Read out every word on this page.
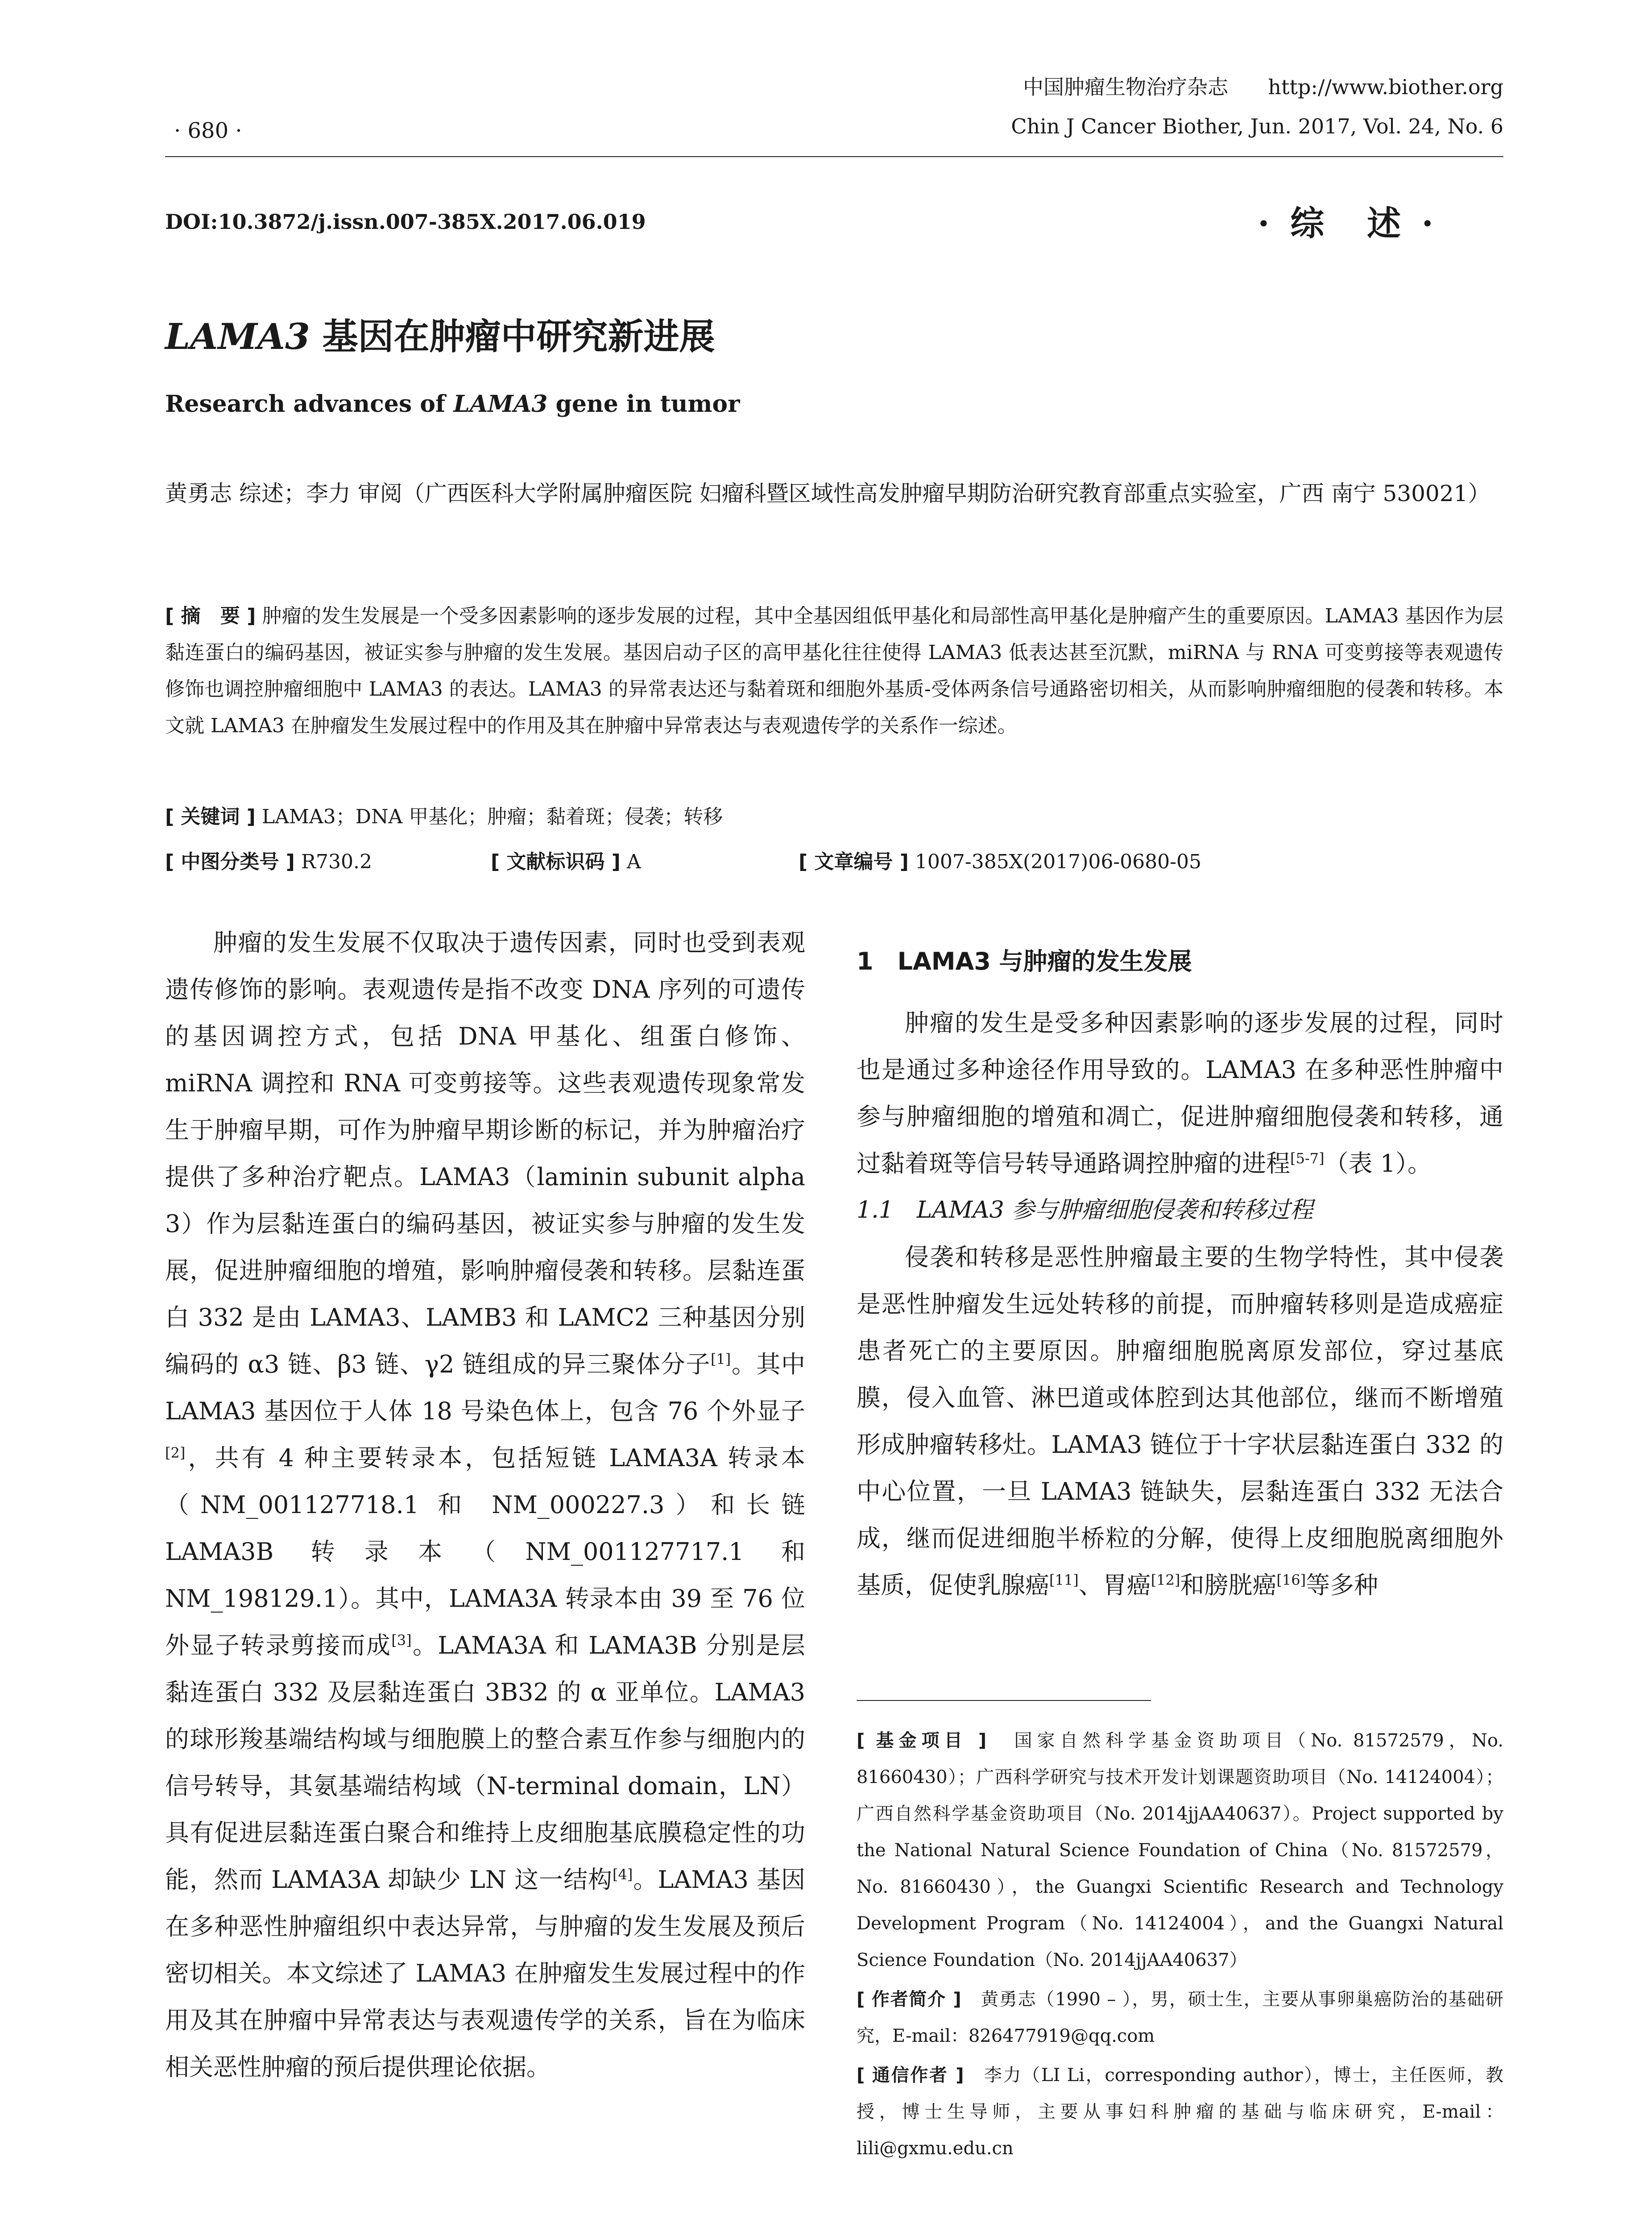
中国肿瘤生物治疗杂志 http://www.biother.org
Chin J Cancer Biother, Jun. 2017, Vol. 24, No. 6
· 680 ·
DOI:10.3872/j.issn.007-385X.2017.06.019	· 综　述 ·
LAMA3 基因在肿瘤中研究新进展
Research advances of LAMA3 gene in tumor
黄勇志 综述；李力 审阅（广西医科大学附属肿瘤医院 妇瘤科暨区域性高发肿瘤早期防治研究教育部重点实验室，广西 南宁 530021）
[ 摘　要 ] 肿瘤的发生发展是一个受多因素影响的逐步发展的过程，其中全基因组低甲基化和局部性高甲基化是肿瘤产生的重要原因。LAMA3 基因作为层黏连蛋白的编码基因，被证实参与肿瘤的发生发展。基因启动子区的高甲基化往往使得 LAMA3 低表达甚至沉默，miRNA 与 RNA 可变剪接等表观遗传修饰也调控肿瘤细胞中 LAMA3 的表达。LAMA3 的异常表达还与黏着斑和细胞外基质-受体两条信号通路密切相关，从而影响肿瘤细胞的侵袭和转移。本文就 LAMA3 在肿瘤发生发展过程中的作用及其在肿瘤中异常表达与表观遗传学的关系作一综述。
[ 关键词 ] LAMA3；DNA 甲基化；肿瘤；黏着斑；侵袭；转移
[ 中图分类号 ] R730.2	[ 文献标识码 ] A	[ 文章编号 ] 1007-385X(2017)06-0680-05

肿瘤的发生发展不仅取决于遗传因素，同时也受到表观遗传修饰的影响。表观遗传是指不改变 DNA 序列的可遗传的基因调控方式，包括 DNA 甲基化、组蛋白修饰、miRNA 调控和 RNA 可变剪接等。这些表观遗传现象常发生于肿瘤早期，可作为肿瘤早期诊断的标记，并为肿瘤治疗提供了多种治疗靶点。LAMA3（laminin subunit alpha 3）作为层黏连蛋白的编码基因，被证实参与肿瘤的发生发展，促进肿瘤细胞的增殖，影响肿瘤侵袭和转移。层黏连蛋白 332 是由 LAMA3、LAMB3 和 LAMC2 三种基因分别编码的 α3 链、β3 链、γ2 链组成的异三聚体分子[1]。其中 LAMA3 基因位于人体 18 号染色体上，包含 76 个外显子[2]，共有 4 种主要转录本，包括短链 LAMA3A 转录本（NM_001127718.1 和 NM_000227.3）和长链 LAMA3B 转录本（NM_001127717.1 和 NM_198129.1）。其中，LAMA3A 转录本由 39 至 76 位外显子转录剪接而成[3]。LAMA3A 和 LAMA3B 分别是层黏连蛋白 332 及层黏连蛋白 3B32 的 α 亚单位。LAMA3 的球形羧基端结构域与细胞膜上的整合素互作参与细胞内的信号转导，其氨基端结构域（N-terminal domain，LN）具有促进层黏连蛋白聚合和维持上皮细胞基底膜稳定性的功能，然而 LAMA3A 却缺少 LN 这一结构[4]。LAMA3 基因在多种恶性肿瘤组织中表达异常，与肿瘤的发生发展及预后密切相关。本文综述了 LAMA3 在肿瘤发生发展过程中的作用及其在肿瘤中异常表达与表观遗传学的关系，旨在为临床相关恶性肿瘤的预后提供理论依据。

1　LAMA3 与肿瘤的发生发展

肿瘤的发生是受多种因素影响的逐步发展的过程，同时也是通过多种途径作用导致的。LAMA3 在多种恶性肿瘤中参与肿瘤细胞的增殖和凋亡，促进肿瘤细胞侵袭和转移，通过黏着斑等信号转导通路调控肿瘤的进程[5-7]（表 1）。

1.1　LAMA3 参与肿瘤细胞侵袭和转移过程

侵袭和转移是恶性肿瘤最主要的生物学特性，其中侵袭是恶性肿瘤发生远处转移的前提，而肿瘤转移则是造成癌症患者死亡的主要原因。肿瘤细胞脱离原发部位，穿过基底膜，侵入血管、淋巴道或体腔到达其他部位，继而不断增殖形成肿瘤转移灶。LAMA3 链位于十字状层黏连蛋白 332 的中心位置，一旦 LAMA3 链缺失，层黏连蛋白 332 无法合成，继而促进细胞半桥粒的分解，使得上皮细胞脱离细胞外基质，促使乳腺癌[11]、胃癌[12]和膀胱癌[16]等多种

[ 基金项目 ]　 国家自然科学基金资助项目（No. 81572579，No. 81660430）；广西科学研究与技术开发计划课题资助项目（No. 14124004）；广西自然科学基金资助项目（No. 2014jjAA40637）。Project supported by the National Natural Science Foundation of China（No. 81572579，No. 81660430），the Guangxi Scientific Research and Technology Development Program（No. 14124004），and the Guangxi Natural Science Foundation（No. 2014jjAA40637）

[ 作者简介 ]　 黄勇志（1990 – ），男，硕士生，主要从事卵巢癌防治的基础研究，E-mail：826477919@qq.com

[ 通信作者 ]　 李力（LI Li，corresponding author），博士，主任医师，教授，博士生导师，主要从事妇科肿瘤的基础与临床研究，E-mail：lili@gxmu.edu.cn
